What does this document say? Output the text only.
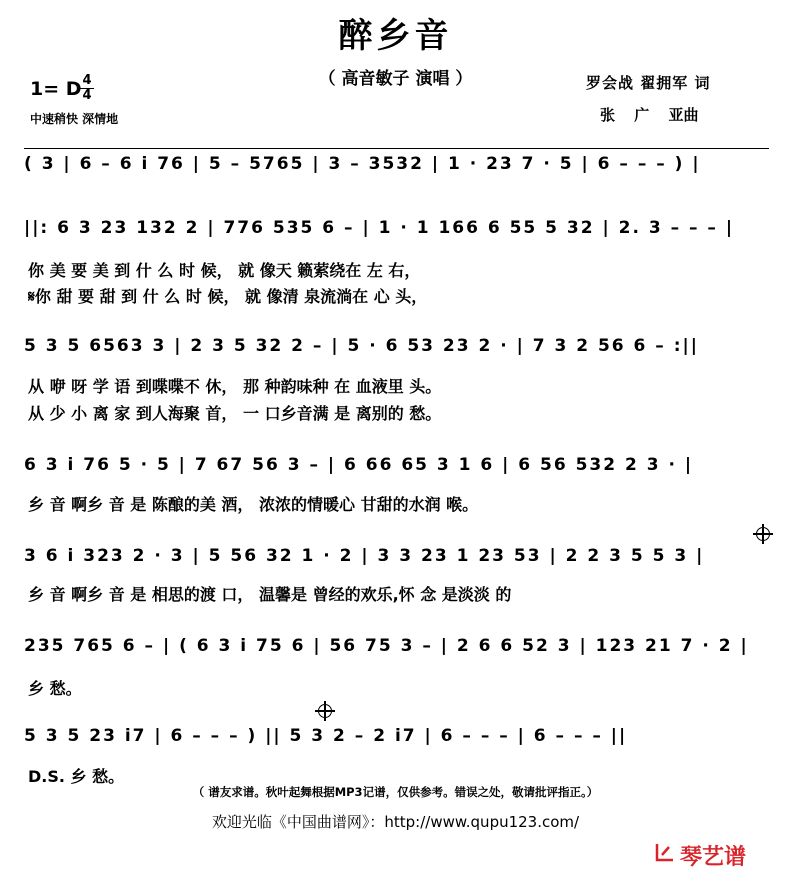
醉乡音
（ 高音敏子 演唱 ）
1= D 4
4
中速稍快 深情地
罗会战 翟拥军 词
张 广 亚曲
( 3 | 6 – 6 i 76 | 5 – 5765 | 3 – 3532 | 1 · 23 7 · 5 | 6 – – – ) |
||: 6 3 23 132 2 | 776 535 6 – | 1 · 1 166 6 55 5 32 | 2. 3 – – – |
你 美 要 美 到 什 么 时 候， 就 像天 籁萦绕在 左 右，
𝄋你 甜 要 甜 到 什 么 时 候， 就 像清 泉流淌在 心 头，
5 3 5 6563 3 | 2 3 5 32 2 – | 5 · 6 53 23 2 · | 7 3 2 56 6 – :||
从 咿 呀 学 语 到喋喋不 休， 那 种韵味种 在 血液里 头。
从 少 小 离 家 到人海聚 首， 一 口乡音满 是 离别的 愁。
6 3 i 76 5 · 5 | 7 67 56 3 – | 6 66 65 3 1 6 | 6 56 532 2 3 · |
乡 音 啊乡 音 是 陈酿的美 酒， 浓浓的情暖心 甘甜的水润 喉。
3 6 i 323 2 · 3 | 5 56 32 1 · 2 | 3 3 23 1 23 53 | 2 2 3 5 5 3 |
乡 音 啊乡 音 是 相思的渡 口， 温馨是 曾经的欢乐,怀 念 是淡淡 的
235 765 6 – | ( 6 3 i 75 6 | 56 75 3 – | 2 6 6 52 3 | 123 21 7 · 2 |
乡 愁。
5 3 5 23 i7 | 6 – – – ) || 5 3 2 – 2 i7 | 6 – – – | 6 – – – ||
D.S. 乡 愁。
（ 谱友求谱。秋叶起舞根据MP3记谱，仅供参考。错误之处，敬请批评指正。）
欢迎光临《中国曲谱网》：http://www.qupu123.com/
琴艺谱
